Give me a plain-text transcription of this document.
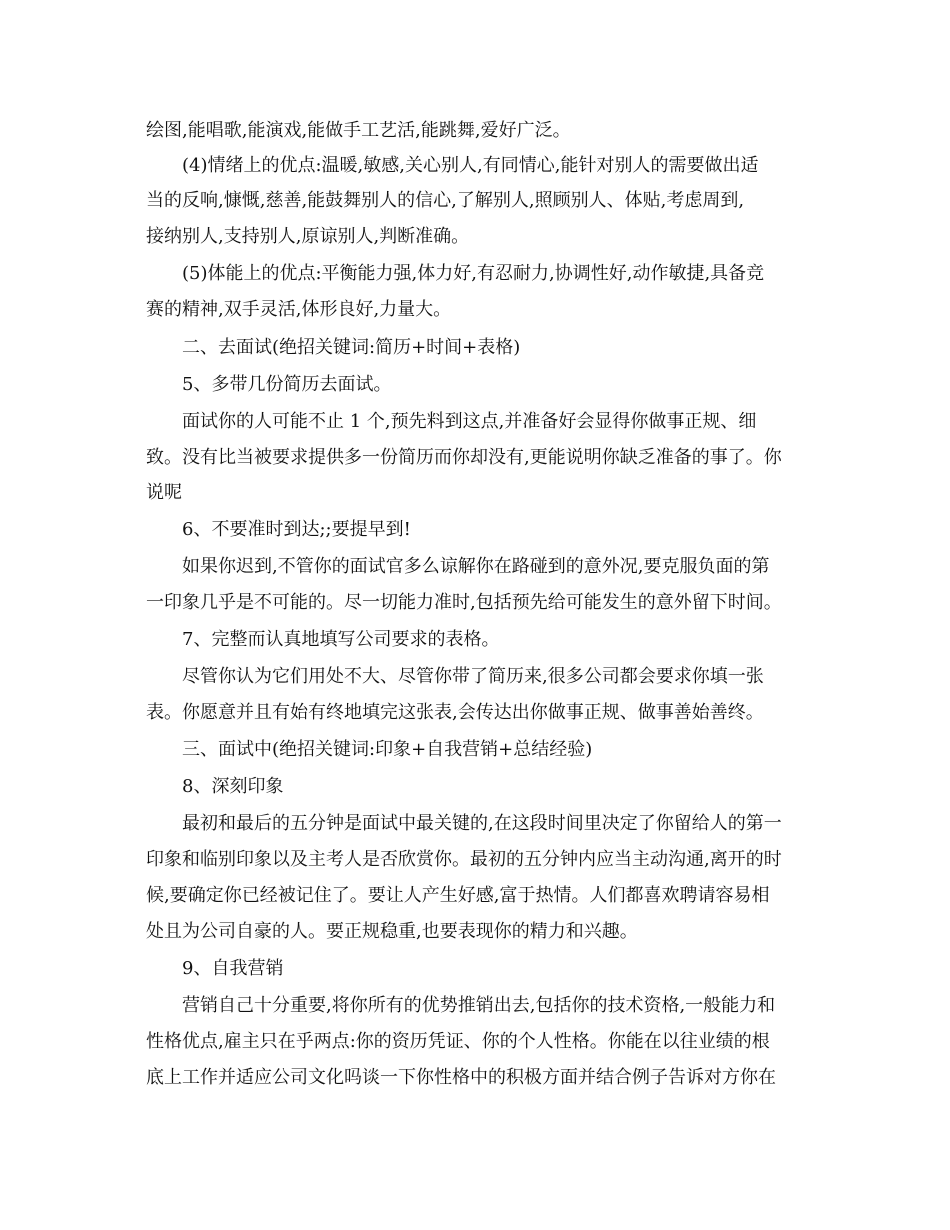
绘图,能唱歌,能演戏,能做手工艺活,能跳舞,爱好广泛。
(4)情绪上的优点:温暖,敏感,关心别人,有同情心,能针对别人的需要做出适
当的反响,慷慨,慈善,能鼓舞别人的信心,了解别人,照顾别人、体贴,考虑周到,
接纳别人,支持别人,原谅别人,判断准确。
(5)体能上的优点:平衡能力强,体力好,有忍耐力,协调性好,动作敏捷,具备竞
赛的精神,双手灵活,体形良好,力量大。
二、去面试(绝招关键词:简历+时间+表格)
5、多带几份简历去面试。
面试你的人可能不止 1 个,预先料到这点,并准备好会显得你做事正规、细
致。没有比当被要求提供多一份简历而你却没有,更能说明你缺乏准备的事了。你
说呢
6、不要准时到达;;要提早到!
如果你迟到,不管你的面试官多么谅解你在路碰到的意外况,要克服负面的第
一印象几乎是不可能的。尽一切能力准时,包括预先给可能发生的意外留下时间。
7、完整而认真地填写公司要求的表格。
尽管你认为它们用处不大、尽管你带了简历来,很多公司都会要求你填一张
表。你愿意并且有始有终地填完这张表,会传达出你做事正规、做事善始善终。
三、面试中(绝招关键词:印象+自我营销+总结经验)
8、深刻印象
最初和最后的五分钟是面试中最关键的,在这段时间里决定了你留给人的第一
印象和临别印象以及主考人是否欣赏你。最初的五分钟内应当主动沟通,离开的时
候,要确定你已经被记住了。要让人产生好感,富于热情。人们都喜欢聘请容易相
处且为公司自豪的人。要正规稳重,也要表现你的精力和兴趣。
9、自我营销
营销自己十分重要,将你所有的优势推销出去,包括你的技术资格,一般能力和
性格优点,雇主只在乎两点:你的资历凭证、你的个人性格。你能在以往业绩的根
底上工作并适应公司文化吗谈一下你性格中的积极方面并结合例子告诉对方你在
